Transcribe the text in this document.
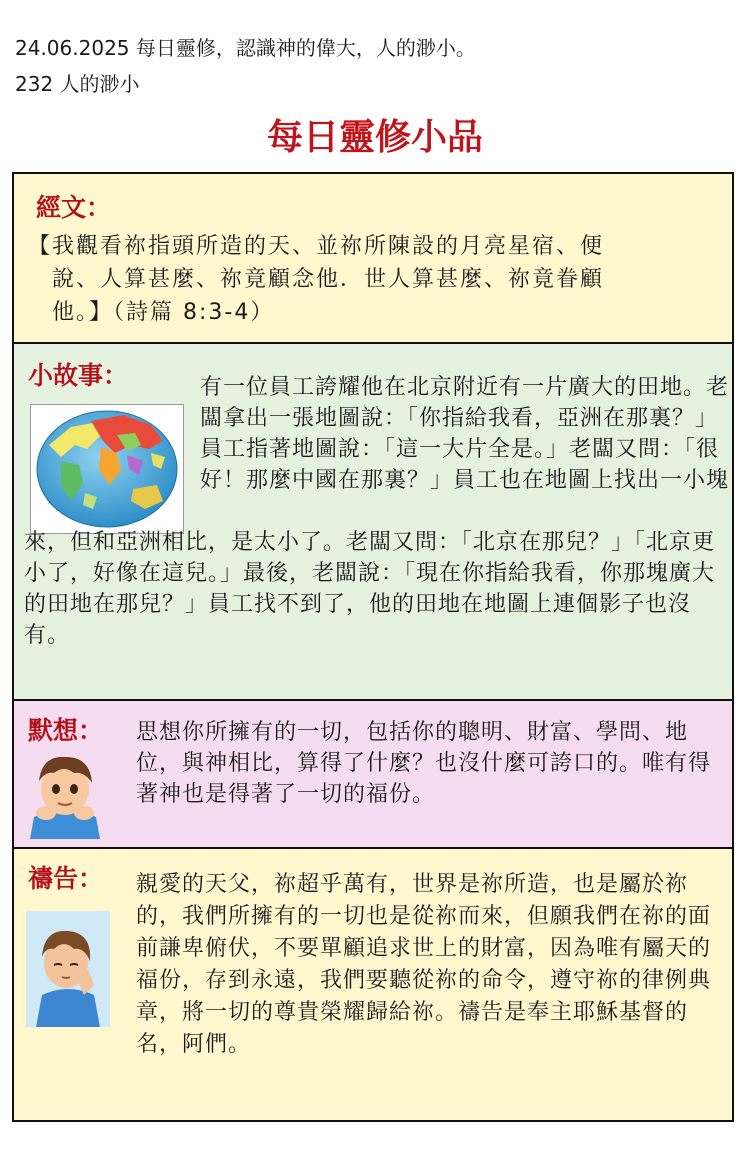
24.06.2025 每日靈修，認識神的偉大，人的渺小。
232 人的渺小
每日靈修小品
經文：
【我觀看祢指頭所造的天、並祢所陳設的月亮星宿、便
說、人算甚麼、祢竟顧念他．世人算甚麼、祢竟眷顧
他。】（詩篇 8:3-4）
小故事：	有一位員工誇耀他在北京附近有一片廣大的田地。老闆拿出一張地圖說：「你指給我看，亞洲在那裏？」員工指著地圖說：「這一大片全是。」老闆又問：「很好！那麼中國在那裏？」員工也在地圖上找出一小塊
來，但和亞洲相比，是太小了。老闆又問：「北京在那兒？」「北京更小了，好像在這兒。」最後，老闆說：「現在你指給我看，你那塊廣大的田地在那兒？」員工找不到了，他的田地在地圖上連個影子也沒有。
默想： 思想你所擁有的一切，包括你的聰明、財富、學問、地位，與神相比，算得了什麼？也沒什麼可誇口的。唯有得著神也是得著了一切的福份。
禱告： 親愛的天父，祢超乎萬有，世界是祢所造，也是屬於祢的，我們所擁有的一切也是從祢而來，但願我們在祢的面前謙卑俯伏，不要單顧追求世上的財富，因為唯有屬天的福份，存到永遠，我們要聽從祢的命令，遵守祢的律例典章，將一切的尊貴榮耀歸給祢。禱告是奉主耶穌基督的名，阿們。
